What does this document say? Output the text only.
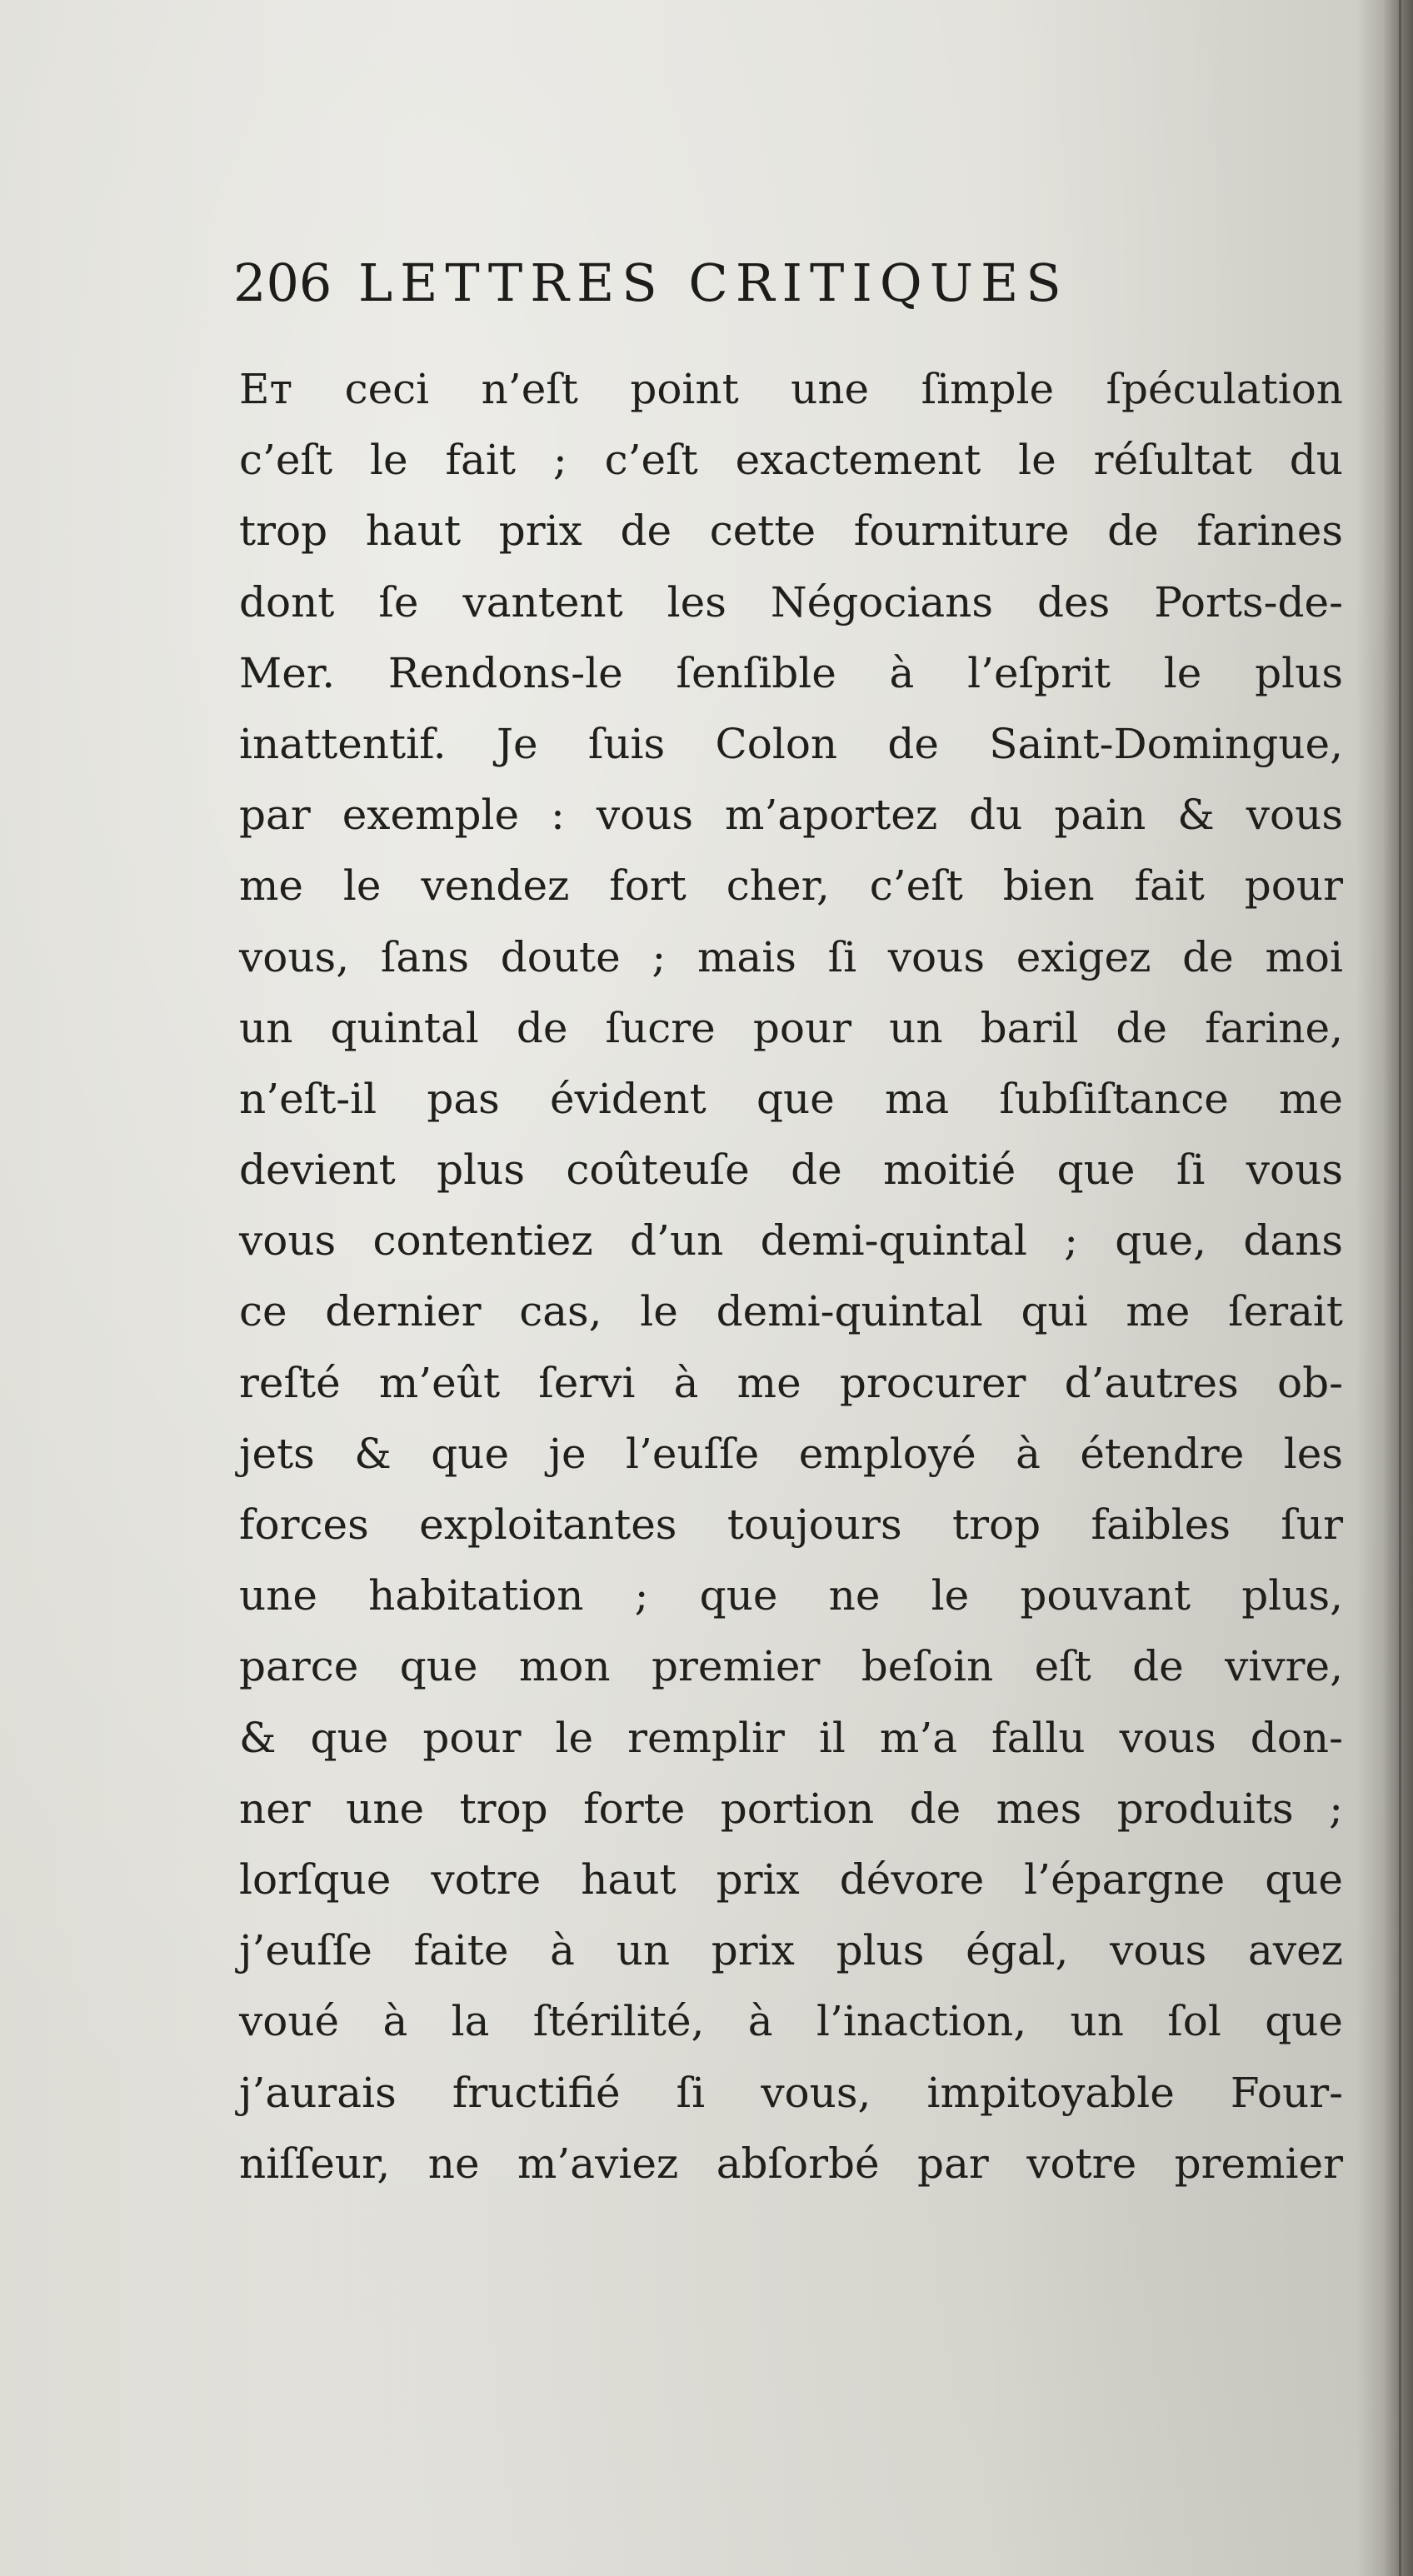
206 LETTRES CRITIQUES
Eт ceci n’eſt point une ſimple ſpéculation
c’eſt le fait ; c’eſt exactement le réſultat du
trop haut prix de cette fourniture de farines
dont ſe vantent les Négocians des Ports-de-
Mer. Rendons-le ſenſible à l’eſprit le plus
inattentif. Je ſuis Colon de Saint-Domingue,
par exemple : vous m’aportez du pain & vous
me le vendez fort cher, c’eſt bien fait pour
vous, ſans doute ; mais ſi vous exigez de moi
un quintal de ſucre pour un baril de farine,
n’eſt-il pas évident que ma ſubſiſtance me
devient plus coûteuſe de moitié que ſi vous
vous contentiez d’un demi-quintal ; que, dans
ce dernier cas, le demi-quintal qui me ſerait
reſté m’eût ſervi à me procurer d’autres ob-
jets & que je l’euſſe employé à étendre les
forces exploitantes toujours trop faibles ſur
une habitation ; que ne le pouvant plus,
parce que mon premier beſoin eſt de vivre,
& que pour le remplir il m’a fallu vous don-
ner une trop forte portion de mes produits ;
lorſque votre haut prix dévore l’épargne que
j’euſſe faite à un prix plus égal, vous avez
voué à la ſtérilité, à l’inaction, un ſol que
j’aurais fructifié ſi vous, impitoyable Four-
niſſeur, ne m’aviez abſorbé par votre premier
